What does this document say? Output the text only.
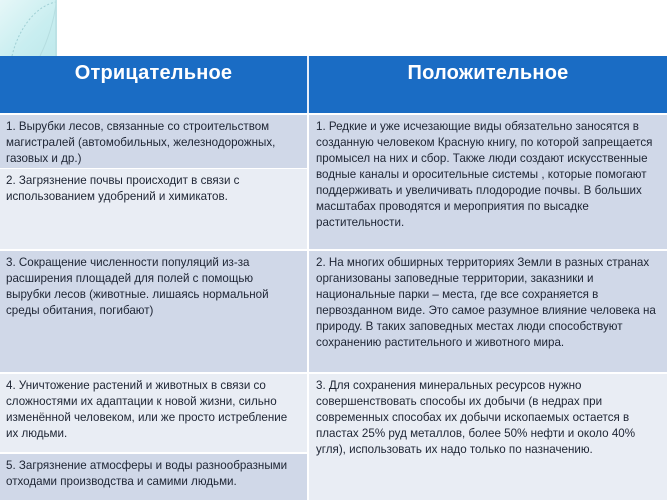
Отрицательное	Положительное
1. Вырубки лесов, связанные со строительством магистралей (автомобильных, железнодорожных, газовых и др.)
2. Загрязнение почвы происходит в связи с использованием удобрений и химикатов.
3. Сокращение численности популяций из-за расширения площадей для полей с помощью вырубки лесов (животные. лишаясь нормальной среды обитания, погибают)
4. Уничтожение растений и животных в связи со сложностями их адаптации к новой жизни, сильно изменённой человеком, или же просто истребление их людьми.
5. Загрязнение атмосферы и воды разнообразными отходами производства и самими людьми.
1. Редкие и уже исчезающие виды обязательно заносятся в созданную человеком Красную книгу, по которой запрещается промысел на них и сбор. Также люди создают искусственные водные каналы и оросительные системы , которые помогают поддерживать и увеличивать плодородие почвы. В больших масштабах проводятся и мероприятия по высадке растительности.
2. На многих обширных территориях Земли в разных странах организованы заповедные территории, заказники и национальные парки – места, где все сохраняется в первозданном виде. Это самое разумное влияние человека на природу. В таких заповедных местах люди способствуют сохранению растительного и животного мира.
3. Для сохранения минеральных ресурсов нужно совершенствовать способы их добычи (в недрах при современных способах их добычи ископаемых остается в пластах 25% руд металлов, более 50% нефти и около 40% угля), использовать их надо только по назначению.
